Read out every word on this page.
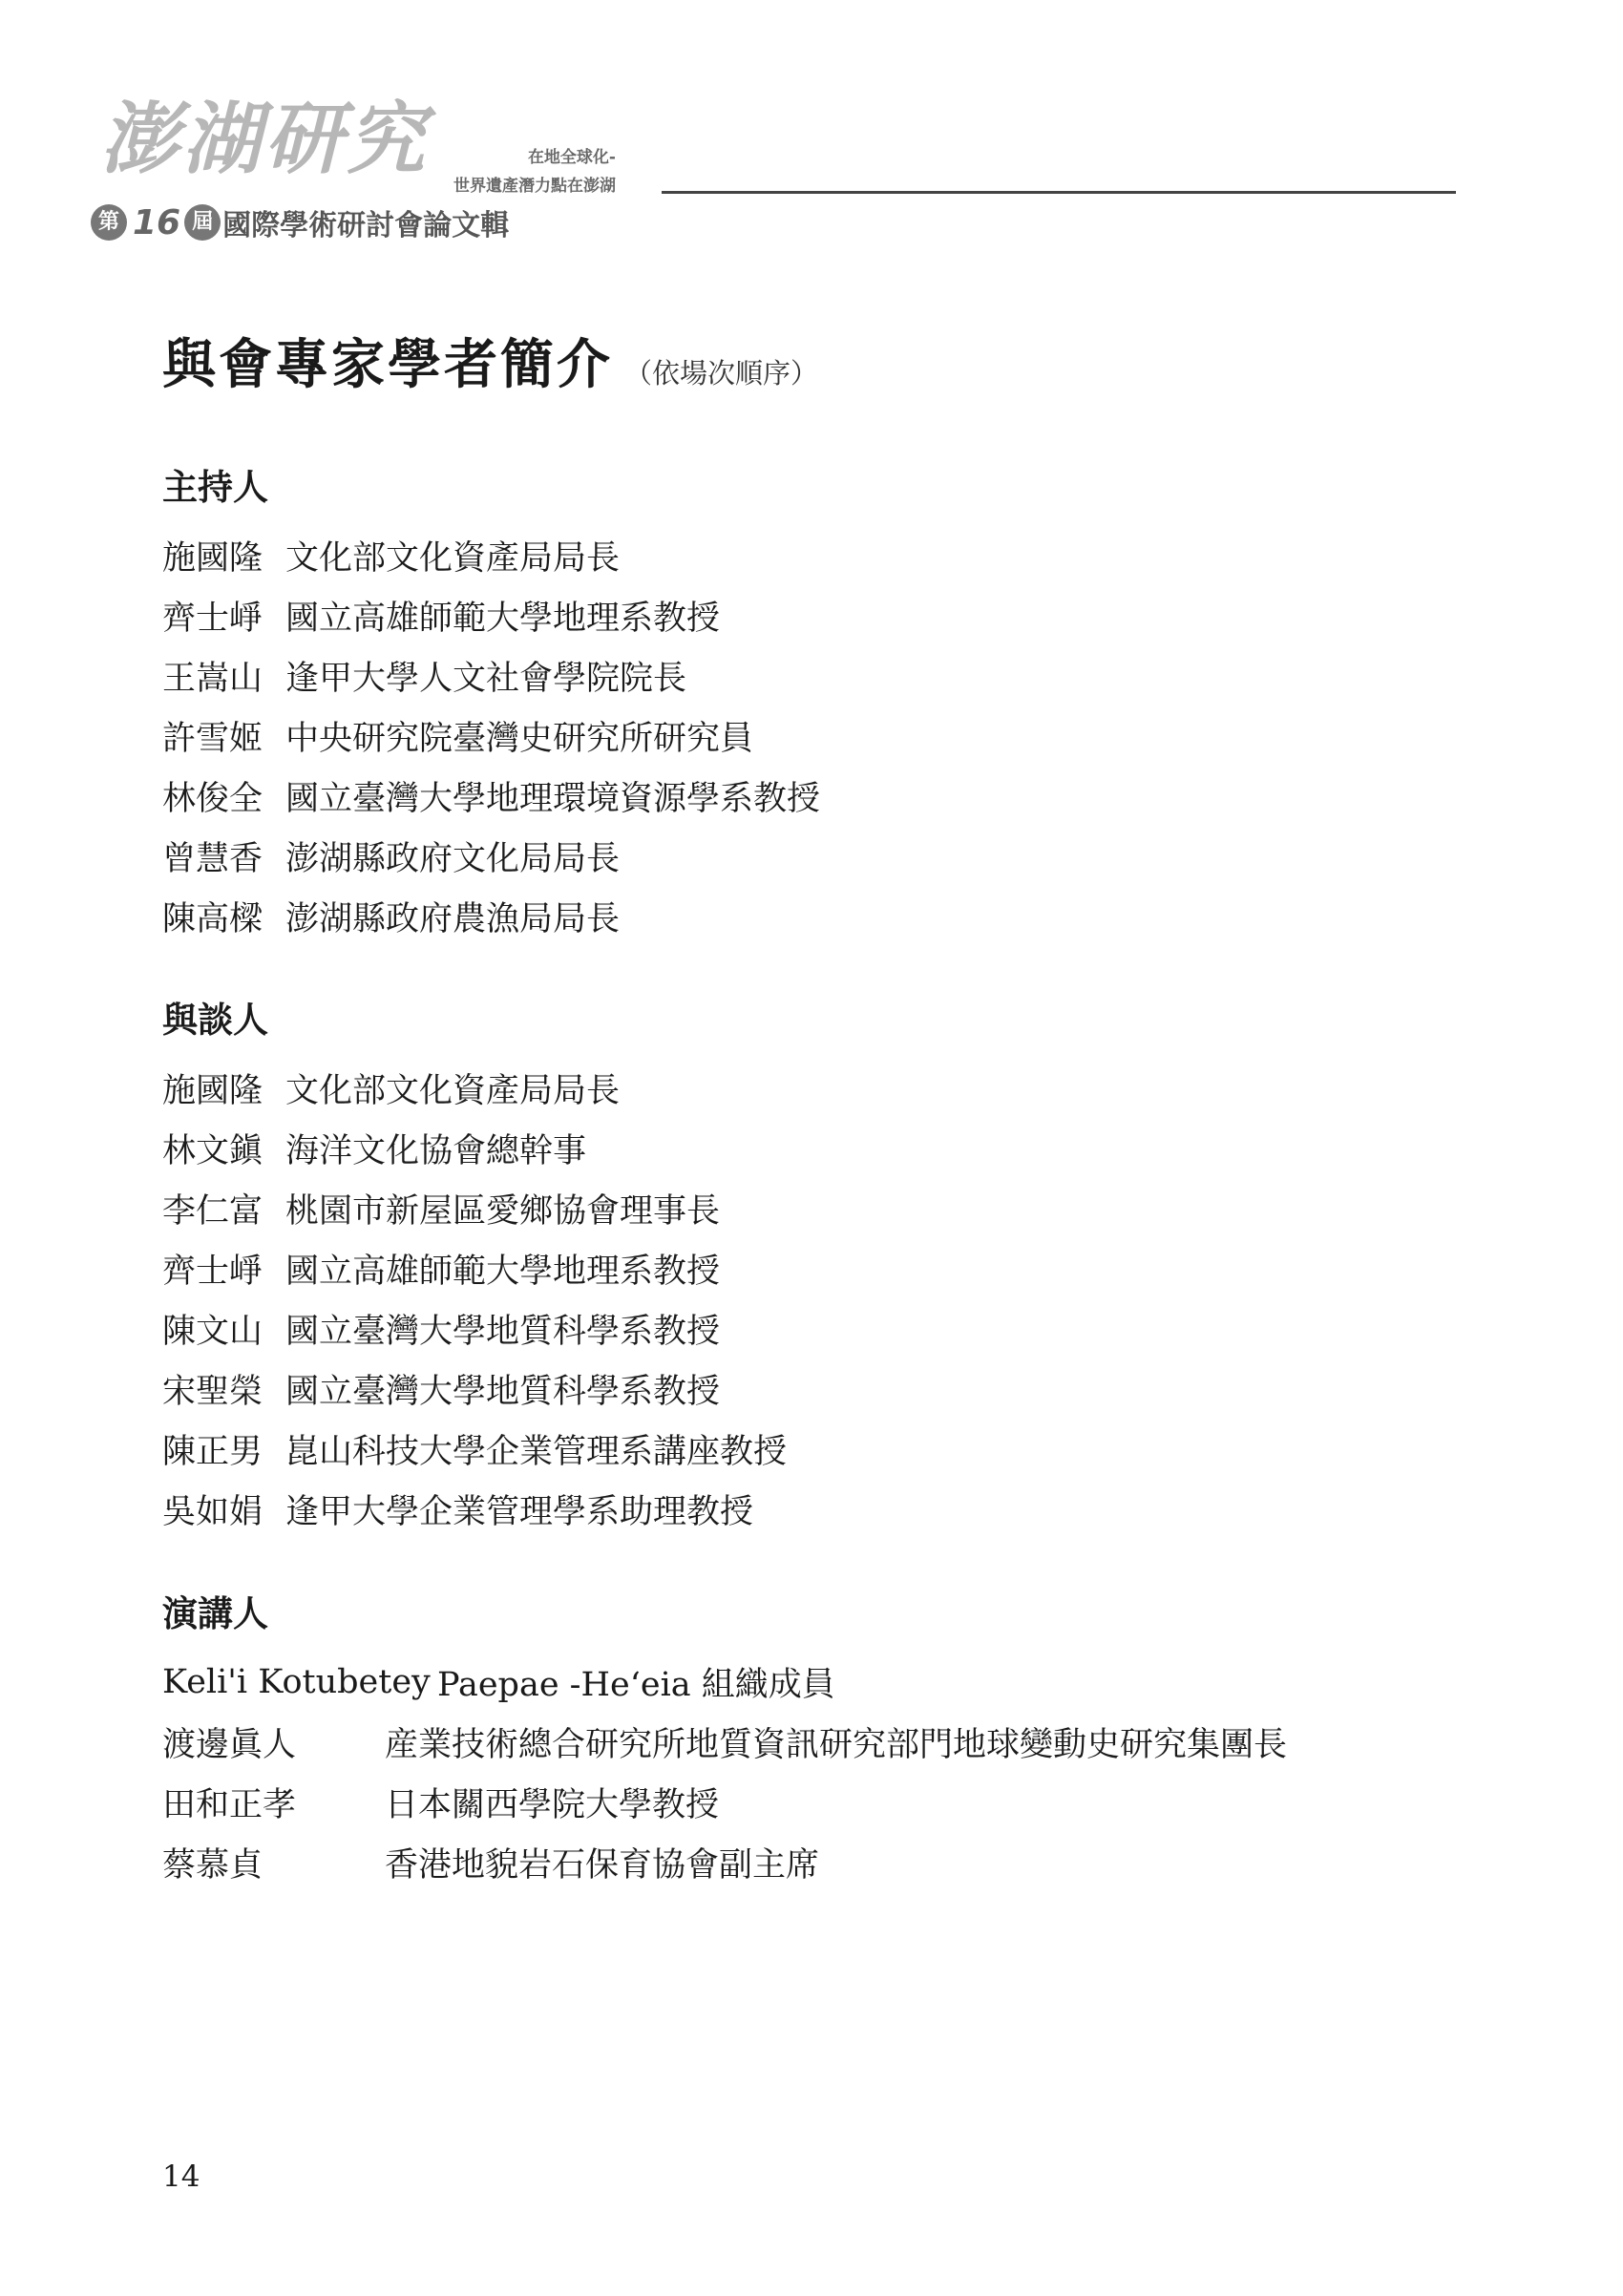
澎湖研究
第 16 屆 國際學術研討會論文輯
在地全球化-
世界遺產潛力點在澎湖
與會專家學者簡介 （依場次順序）
主持人
施國隆 文化部文化資產局局長
齊士崢 國立高雄師範大學地理系教授
王嵩山 逢甲大學人文社會學院院長
許雪姬 中央研究院臺灣史研究所研究員
林俊全 國立臺灣大學地理環境資源學系教授
曾慧香 澎湖縣政府文化局局長
陳高樑 澎湖縣政府農漁局局長
與談人
施國隆 文化部文化資產局局長
林文鎭 海洋文化協會總幹事
李仁富 桃園市新屋區愛鄉協會理事長
齊士崢 國立高雄師範大學地理系教授
陳文山 國立臺灣大學地質科學系教授
宋聖榮 國立臺灣大學地質科學系教授
陳正男 崑山科技大學企業管理系講座教授
吳如娟 逢甲大學企業管理學系助理教授
演講人
Keli'i Kotubetey Paepae -He‘eia 組織成員
渡邊眞人	産業技術總合研究所地質資訊研究部門地球變動史研究集團長
田和正孝	日本關西學院大學教授
蔡慕貞	香港地貌岩石保育協會副主席
14
